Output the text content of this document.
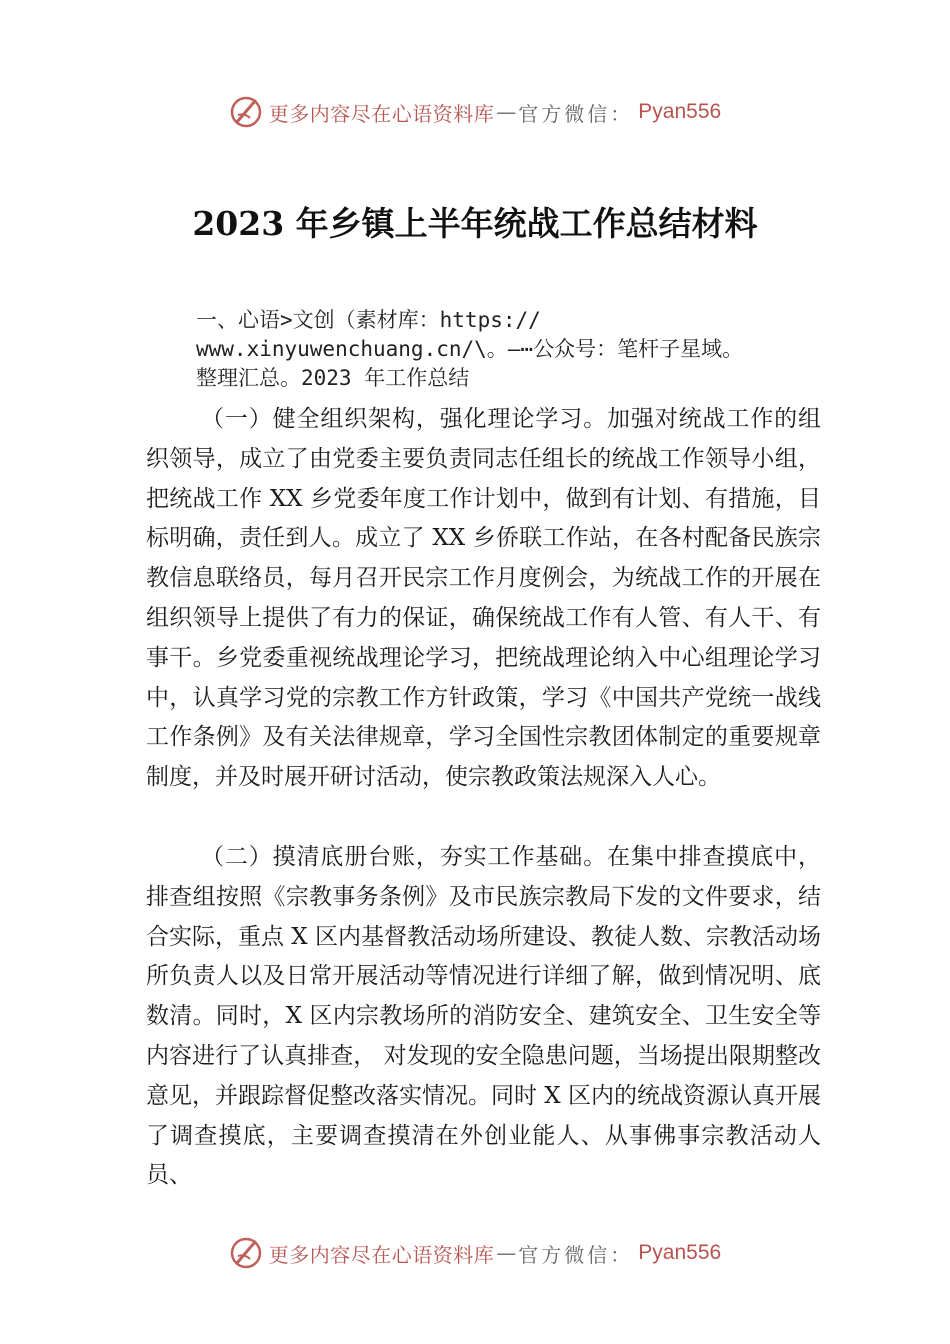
更多内容尽在心语资料库 — 官方微信 ： Pyan556
2023 年乡镇上半年统战工作总结材料
一、心语>文创（素材库：https://
www.xinyuwenchuang.cn/\。—⋯公众号：笔杆子星域。
整理汇总。2023 年工作总结

（一）健全组织架构，强化理论学习。加强对统战工作的组织领导，成立了由党委主要负责同志任组长的统战工作领导小组，把统战工作 XX 乡党委年度工作计划中，做到有计划、有措施，目标明确，责任到人。成立了 XX 乡侨联工作站，在各村配备民族宗教信息联络员，每月召开民宗工作月度例会，为统战工作的开展在组织领导上提供了有力的保证，确保统战工作有人管、有人干、有事干。乡党委重视统战理论学习，把统战理论纳入中心组理论学习中，认真学习党的宗教工作方针政策，学习《中国共产党统一战线工作条例》及有关法律规章，学习全国性宗教团体制定的重要规章制度，并及时展开研讨活动，使宗教政策法规深入人心。

（二）摸清底册台账，夯实工作基础。在集中排查摸底中，排查组按照《宗教事务条例》及市民族宗教局下发的文件要求，结合实际，重点 X 区内基督教活动场所建设、教徒人数、宗教活动场所负责人以及日常开展活动等情况进行详细了解，做到情况明、底数清。同时，X 区内宗教场所的消防安全、建筑安全、卫生安全等内容进行了认真排查， 对发现的安全隐患问题，当场提出限期整改意见，并跟踪督促整改落实情况。同时 X 区内的统战资源认真开展了调查摸底，主要调查摸清在外创业能人、从事佛事宗教活动人员、

更多内容尽在心语资料库 — 官方微信 ： Pyan556
